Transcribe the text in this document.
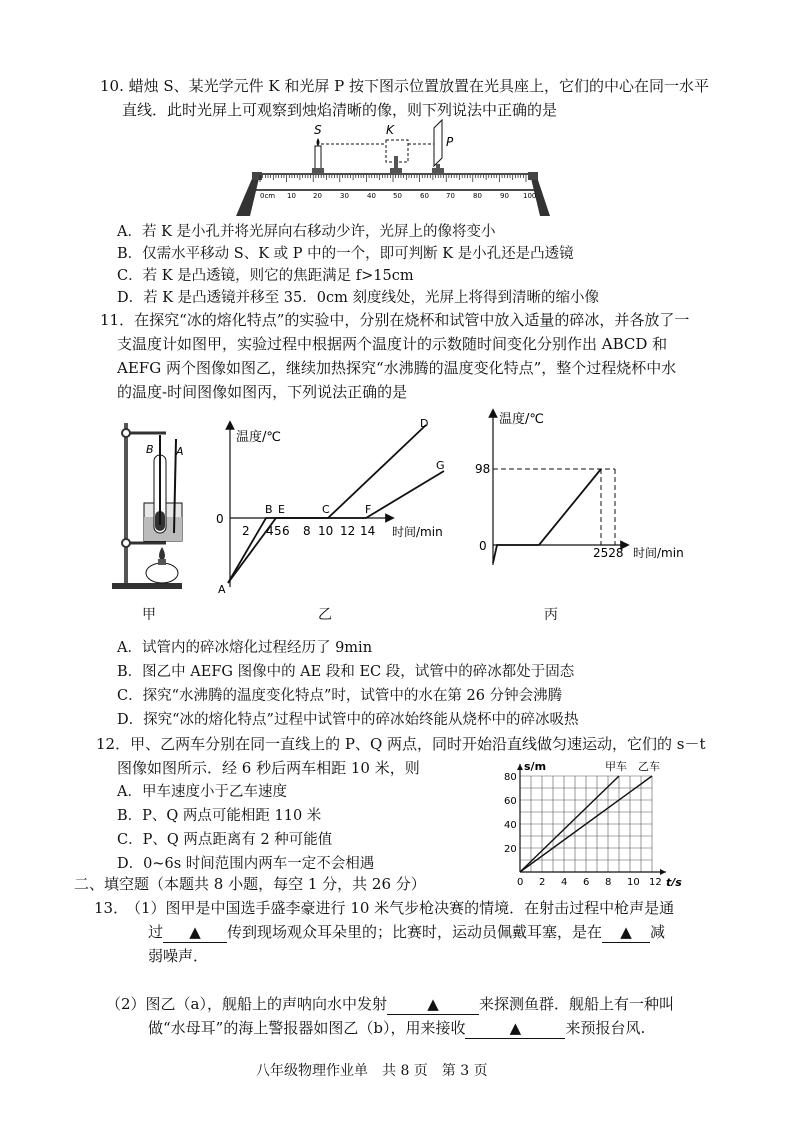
10. 蜡烛 S、某光学元件 K 和光屏 P 按下图示位置放置在光具座上，它们的中心在同一水平
直线．此时光屏上可观察到烛焰清晰的像，则下列说法中正确的是
0cm 10 20	30	40 50	60 70	80	90 100
S	K
P
A．若 K 是小孔并将光屏向右移动少许，光屏上的像将变小
B．仅需水平移动 S、K 或 P 中的一个，即可判断 K 是小孔还是凸透镜
C．若 K 是凸透镜，则它的焦距满足 f>15cm
D．若 K 是凸透镜并移至 35．0cm 刻度线处，光屏上将得到清晰的缩小像
11．在探究“冰的熔化特点”的实验中，分别在烧杯和试管中放入适量的碎冰，并各放了一
支温度计如图甲，实验过程中根据两个温度计的示数随时间变化分别作出 ABCD 和
AEFG 两个图像如图乙，继续加热探究“水沸腾的温度变化特点”，整个过程烧杯中水
的温度-时间图像如图丙，下列说法正确的是
B A
甲
温度/℃
时间/min
0
2 4 5 6 8 10 12 14
A
B E	C	F
D
G
乙
温度/℃
时间/min
0
98
2528
丙
A．试管内的碎冰熔化过程经历了 9min
B．图乙中 AEFG 图像中的 AE 段和 EC 段，试管中的碎冰都处于固态
C．探究“水沸腾的温度变化特点”时，试管中的水在第 26 分钟会沸腾
D．探究“冰的熔化特点”过程中试管中的碎冰始终能从烧杯中的碎冰吸热
12．甲、乙两车分别在同一直线上的 P、Q 两点，同时开始沿直线做匀速运动，它们的 s－t
图像如图所示．经 6 秒后两车相距 10 米，则
A．甲车速度小于乙车速度
B．P、Q 两点可能相距 110 米
C．P、Q 两点距离有 2 种可能值
D．0~6s 时间范围内两车一定不会相遇
甲车 乙车
0 2 4 6 8 10 12
20
40
60
80
t/s
s/m
二、填空题（本题共 8 小题，每空 1 分，共 26 分）
13．
（1）图甲是中国选手盛李豪进行 10 米气步枪决赛的情境．在射击过程中枪声是通
过 ▲ 传到现场观众耳朵里的；比赛时，运动员佩戴耳塞，是在 ▲ 减
弱噪声．
（2）图乙（a），舰船上的声呐向水中发射	▲	来探测鱼群．舰船上有一种叫
做“水母耳”的海上警报器如图乙（b），用来接收	▲	来预报台风.
八年级物理作业单　共 8 页　第 3 页
